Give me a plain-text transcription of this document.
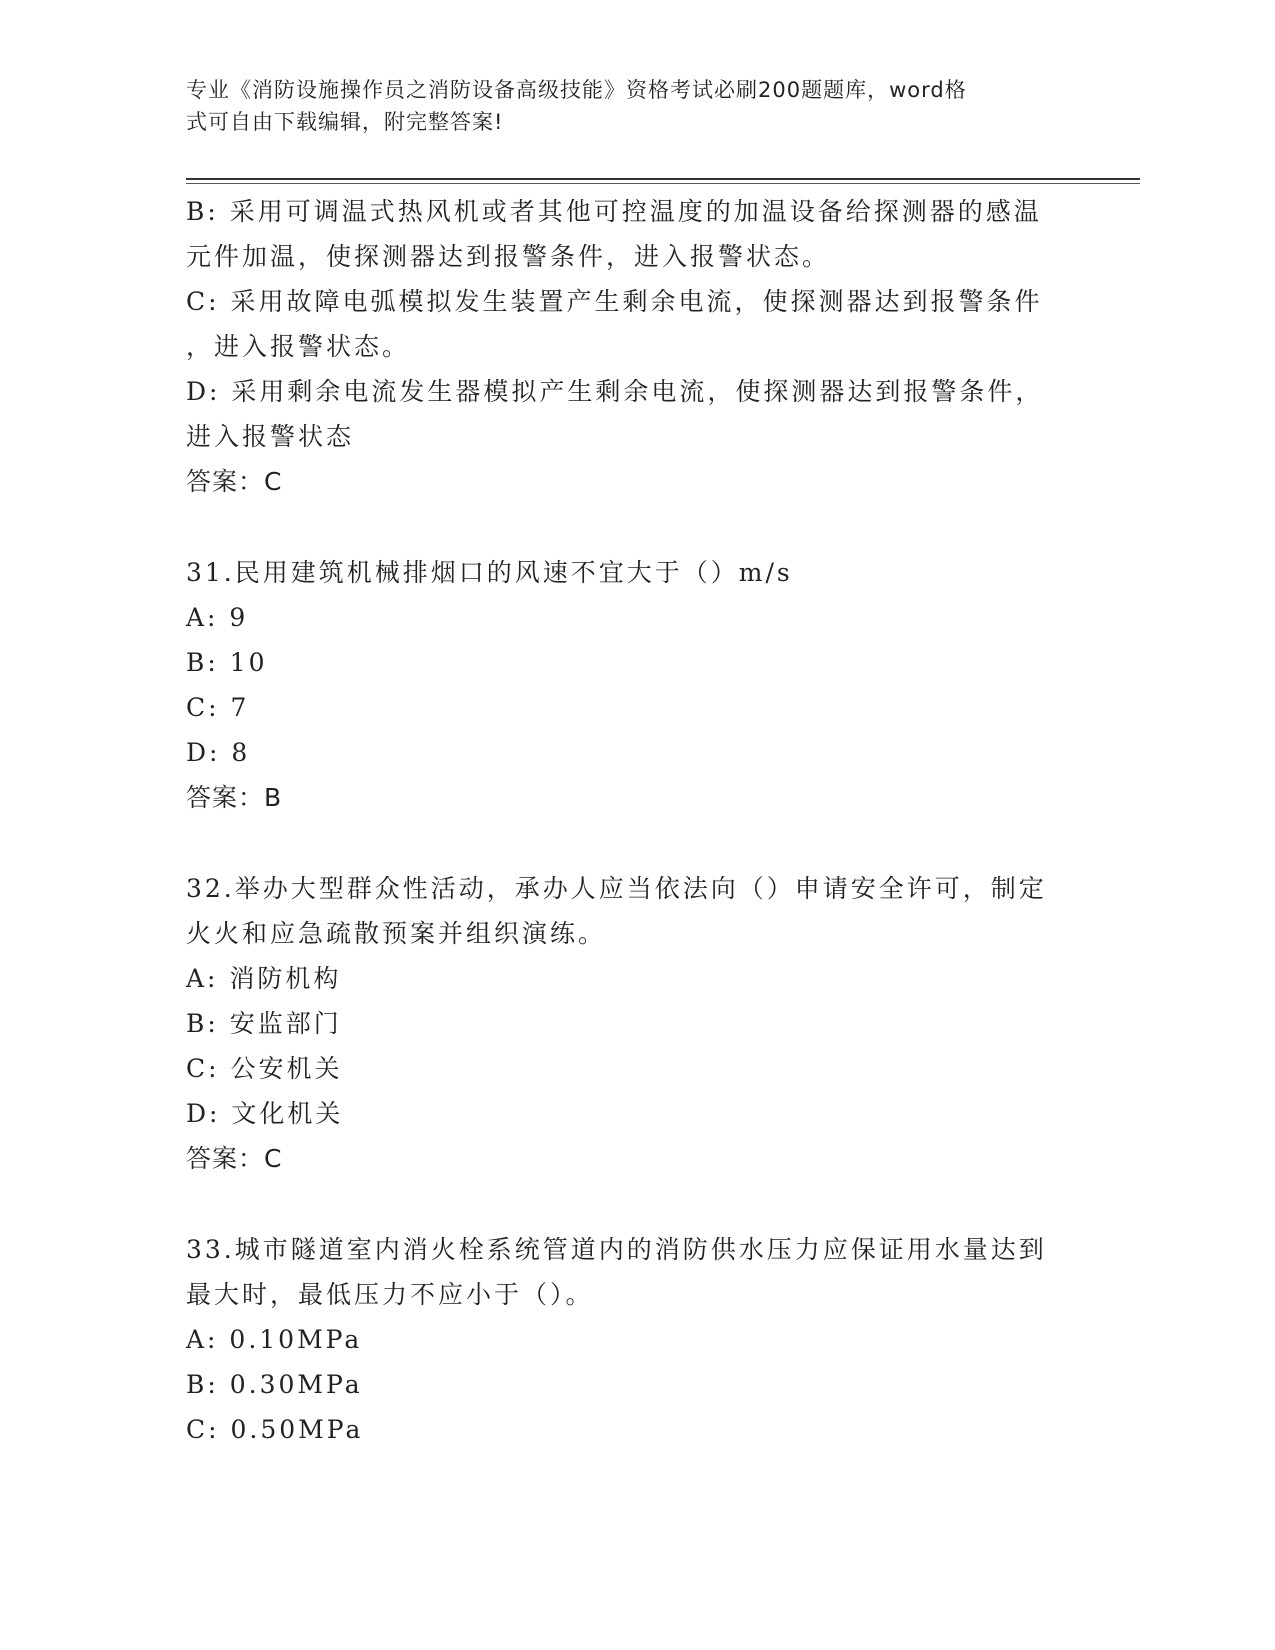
专业《消防设施操作员之消防设备高级技能》资格考试必刷200题题库，word格
式可自由下载编辑，附完整答案!

B: 采用可调温式热风机或者其他可控温度的加温设备给探测器的感温

元件加温，使探测器达到报警条件，进入报警状态。

C: 采用故障电弧模拟发生装置产生剩余电流，使探测器达到报警条件

，进入报警状态。

D: 采用剩余电流发生器模拟产生剩余电流，使探测器达到报警条件，

进入报警状态

答案：C

31.民用建筑机械排烟口的风速不宜大于（）m/s

A: 9

B: 10

C: 7

D: 8

答案：B

32.举办大型群众性活动，承办人应当依法向（）申请安全许可，制定

火火和应急疏散预案并组织演练。

A: 消防机构

B: 安监部门

C: 公安机关

D: 文化机关

答案：C

33.城市隧道室内消火栓系统管道内的消防供水压力应保证用水量达到

最大时，最低压力不应小于（）。

A: 0.10MPa

B: 0.30MPa

C: 0.50MPa
